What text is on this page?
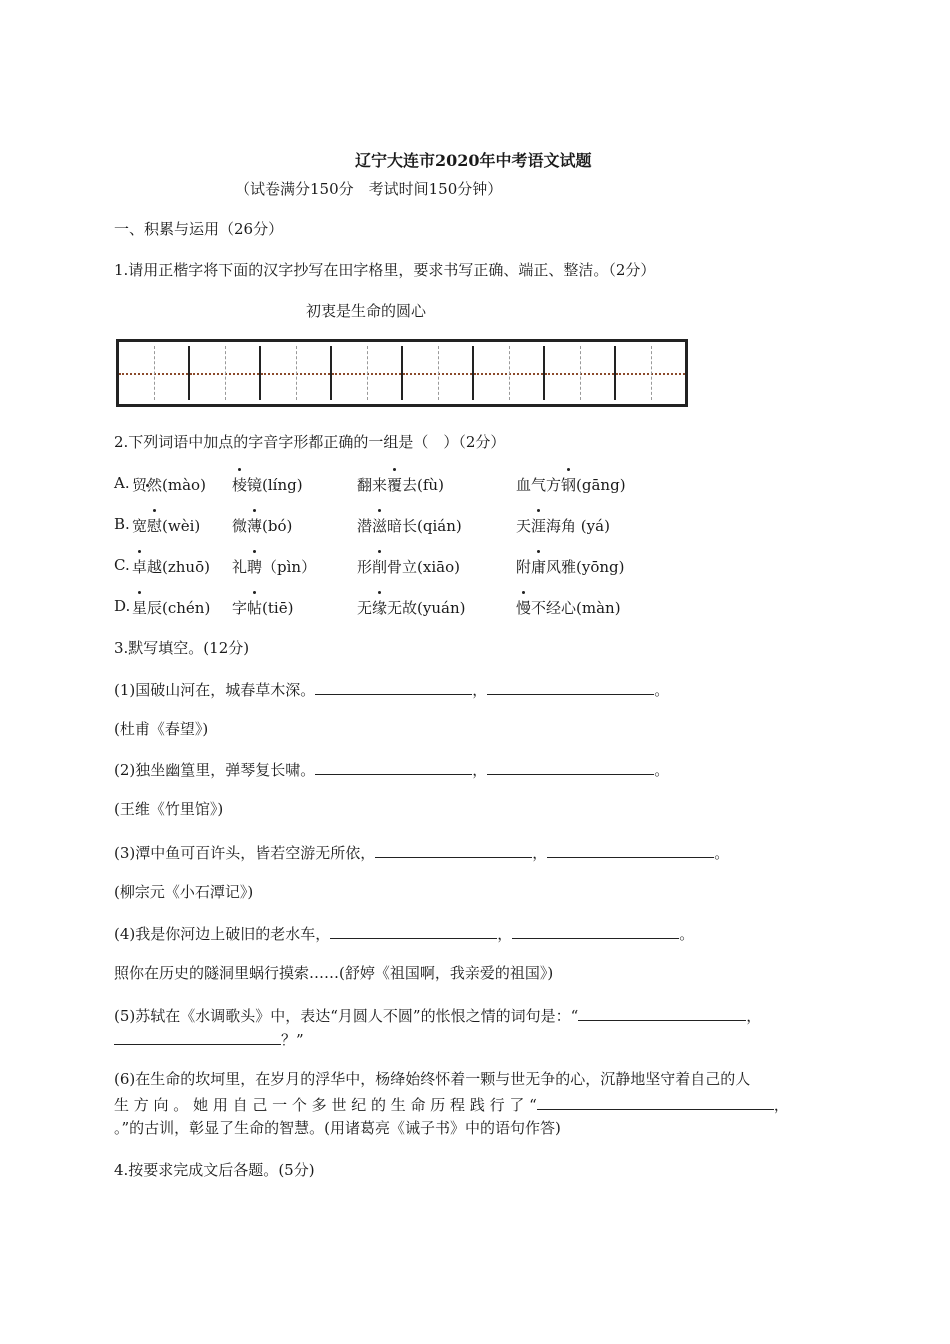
辽宁大连市2020年中考语文试题
（试卷满分150分　考试时间150分钟）
一、积累与运用（26分）
1.请用正楷字将下面的汉字抄写在田字格里，要求书写正确、端正、整洁。（2分）
初衷是生命的圆心
2.下列词语中加点的字音字形都正确的一组是（　）（2分）
A. 贸然(mào) 棱镜(líng)	翻来覆去(fù)	血气方钢(gāng)
B. 宽慰(wèi) 微薄(bó)	潜滋暗长(qián)	天涯海角 (yá)
C. 卓越(zhuō) 礼聘（pìn）	形削骨立(xiāo)	附庸风雅(yōng)
D. 星辰(chén) 字帖(tiē)	无缘无故(yuán)	慢不经心(màn)
3.默写填空。(12分)
(1)国破山河在，城春草木深。	，	。
(杜甫《春望》)
(2)独坐幽篁里，弹琴复长啸。	，	。
(王维《竹里馆》)
(3)潭中鱼可百许头，皆若空游无所依，	，	。
(柳宗元《小石潭记》)
(4)我是你河边上破旧的老水车，	，	。
照你在历史的隧洞里蜗行摸索……(舒婷《祖国啊，我亲爱的祖国》)
(5)苏轼在《水调歌头》中，表达“月圆人不圆”的怅恨之情的词句是：“	，
？”
(6)在生命的坎坷里，在岁月的浮华中，杨绛始终怀着一颗与世无争的心，沉静地坚守着自己的人
生 方 向 。 她 用 自 己 一 个 多 世 纪 的 生 命 历 程 践 行 了 “	，
。”的古训，彰显了生命的智慧。(用诸葛亮《诫子书》中的语句作答)
4.按要求完成文后各题。(5分)
